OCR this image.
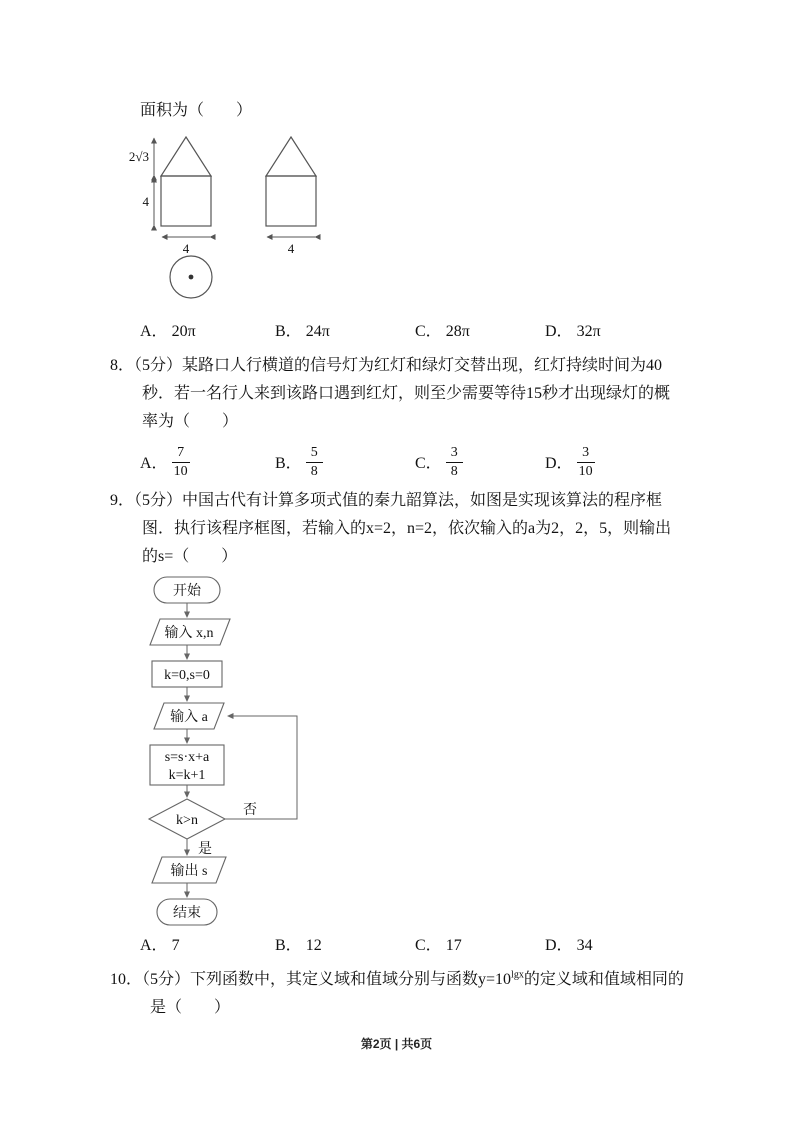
面积为（　　）
2√3
4
4	4
A． 20π	B． 24π	C． 28π	D． 32π
8．（5分）某路口人行横道的信号灯为红灯和绿灯交替出现，红灯持续时间为40秒．若一名行人来到该路口遇到红灯，则至少需要等待15秒才出现绿灯的概率为（　　）
A． $\frac{7}{10}$	B． $\frac{5}{8}$	C． $\frac{3}{8}$	D． $\frac{3}{10}$
9．（5分）中国古代有计算多项式值的秦九韶算法，如图是实现该算法的程序框图．执行该程序框图，若输入的x=2，n=2，依次输入的a为2，2，5，则输出的s=（　　）
开始
输入 x,n
k=0,s=0
输入 a
s=s·x+a
k=k+1
k>n
否
是
输出 s
结束
A． 7	B． 12	C． 17	D． 34
10．（5分）下列函数中，其定义域和值域分别与函数$y=10^{lgx}$的定义域和值域相同的是（　　）
第2页 | 共6页
